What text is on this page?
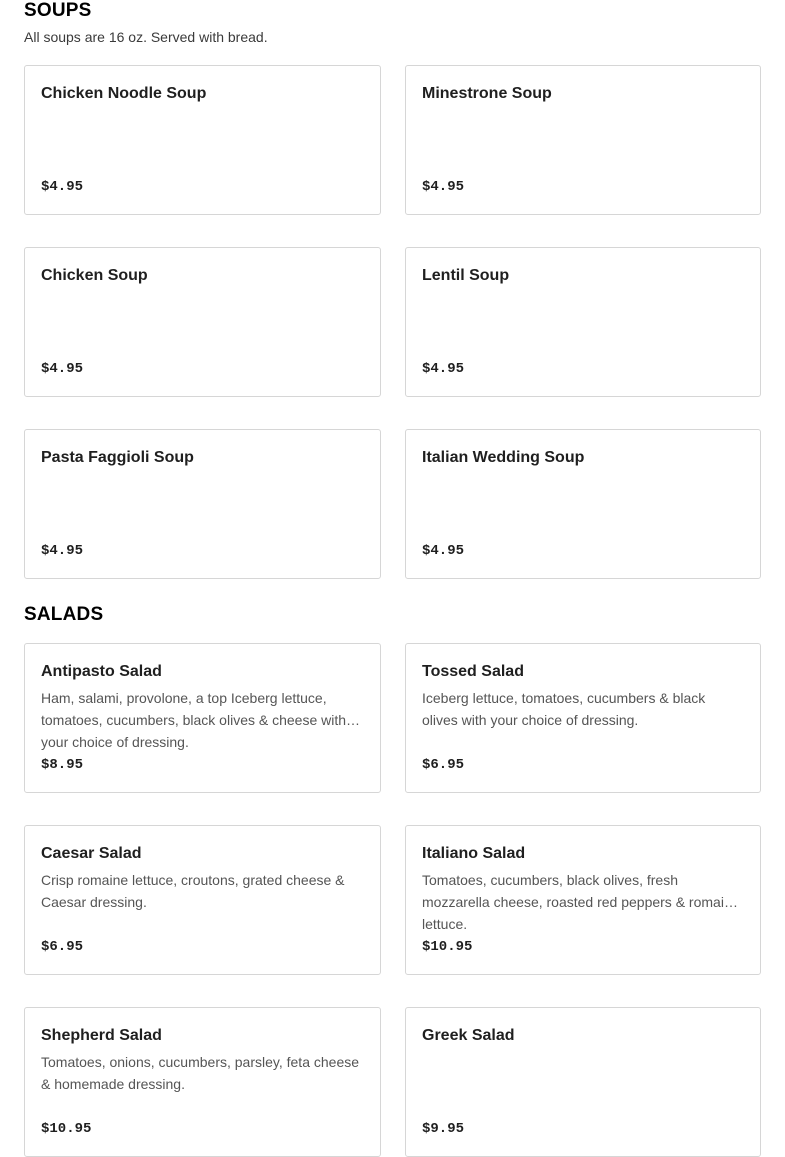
SOUPS

All soups are 16 oz. Served with bread.

Chicken Noodle Soup

$4.95

Minestrone Soup

$4.95

Chicken Soup

$4.95

Lentil Soup

$4.95

Pasta Faggioli Soup

$4.95

Italian Wedding Soup

$4.95
SALADS

Antipasto Salad

Ham, salami, provolone, a top Iceberg lettuce, tomatoes, cucumbers, black olives & cheese with your choice of dressing.

$8.95

Tossed Salad

Iceberg lettuce, tomatoes, cucumbers & black olives with your choice of dressing.

$6.95

Caesar Salad

Crisp romaine lettuce, croutons, grated cheese & Caesar dressing.

$6.95

Italiano Salad

Tomatoes, cucumbers, black olives, fresh mozzarella cheese, roasted red peppers & romaine lettuce.

$10.95

Shepherd Salad

Tomatoes, onions, cucumbers, parsley, feta cheese & homemade dressing.

$10.95

Greek Salad

$9.95
